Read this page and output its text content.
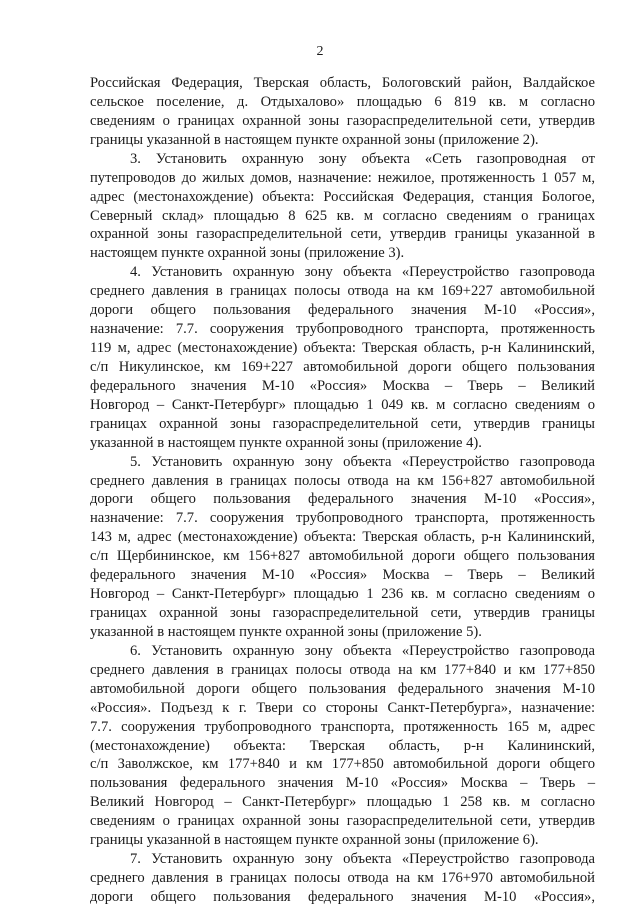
2
Российская Федерация, Тверская область, Бологовский район, Валдайское
сельское поселение, д. Отдыхалово» площадью 6 819 кв. м согласно
сведениям о границах охранной зоны газораспределительной сети, утвердив
границы указанной в настоящем пункте охранной зоны (приложение 2).
3. Установить охранную зону объекта «Сеть газопроводная от
путепроводов до жилых домов, назначение: нежилое, протяженность 1 057 м,
адрес (местонахождение) объекта: Российская Федерация, станция Бологое,
Северный склад» площадью 8 625 кв. м согласно сведениям о границах
охранной зоны газораспределительной сети, утвердив границы указанной в
настоящем пункте охранной зоны (приложение 3).
4. Установить охранную зону объекта «Переустройство газопровода
среднего давления в границах полосы отвода на км 169+227 автомобильной
дороги общего пользования федерального значения М-10 «Россия»,
назначение: 7.7. сооружения трубопроводного транспорта, протяженность
119 м, адрес (местонахождение) объекта: Тверская область, р-н Калининский,
с/п Никулинское, км 169+227 автомобильной дороги общего пользования
федерального значения М-10 «Россия» Москва – Тверь – Великий
Новгород – Санкт-Петербург» площадью 1 049 кв. м согласно сведениям о
границах охранной зоны газораспределительной сети, утвердив границы
указанной в настоящем пункте охранной зоны (приложение 4).
5. Установить охранную зону объекта «Переустройство газопровода
среднего давления в границах полосы отвода на км 156+827 автомобильной
дороги общего пользования федерального значения М-10 «Россия»,
назначение: 7.7. сооружения трубопроводного транспорта, протяженность
143 м, адрес (местонахождение) объекта: Тверская область, р-н Калининский,
с/п Щербининское, км 156+827 автомобильной дороги общего пользования
федерального значения М-10 «Россия» Москва – Тверь – Великий
Новгород – Санкт-Петербург» площадью 1 236 кв. м согласно сведениям о
границах охранной зоны газораспределительной сети, утвердив границы
указанной в настоящем пункте охранной зоны (приложение 5).
6. Установить охранную зону объекта «Переустройство газопровода
среднего давления в границах полосы отвода на км 177+840 и км 177+850
автомобильной дороги общего пользования федерального значения М-10
«Россия». Подъезд к г. Твери со стороны Санкт-Петербурга», назначение:
7.7. сооружения трубопроводного транспорта, протяженность 165 м, адрес
(местонахождение) объекта: Тверская область, р-н Калининский,
с/п Заволжское, км 177+840 и км 177+850 автомобильной дороги общего
пользования федерального значения М-10 «Россия» Москва – Тверь –
Великий Новгород – Санкт-Петербург» площадью 1 258 кв. м согласно
сведениям о границах охранной зоны газораспределительной сети, утвердив
границы указанной в настоящем пункте охранной зоны (приложение 6).
7. Установить охранную зону объекта «Переустройство газопровода
среднего давления в границах полосы отвода на км 176+970 автомобильной
дороги общего пользования федерального значения М-10 «Россия»,
